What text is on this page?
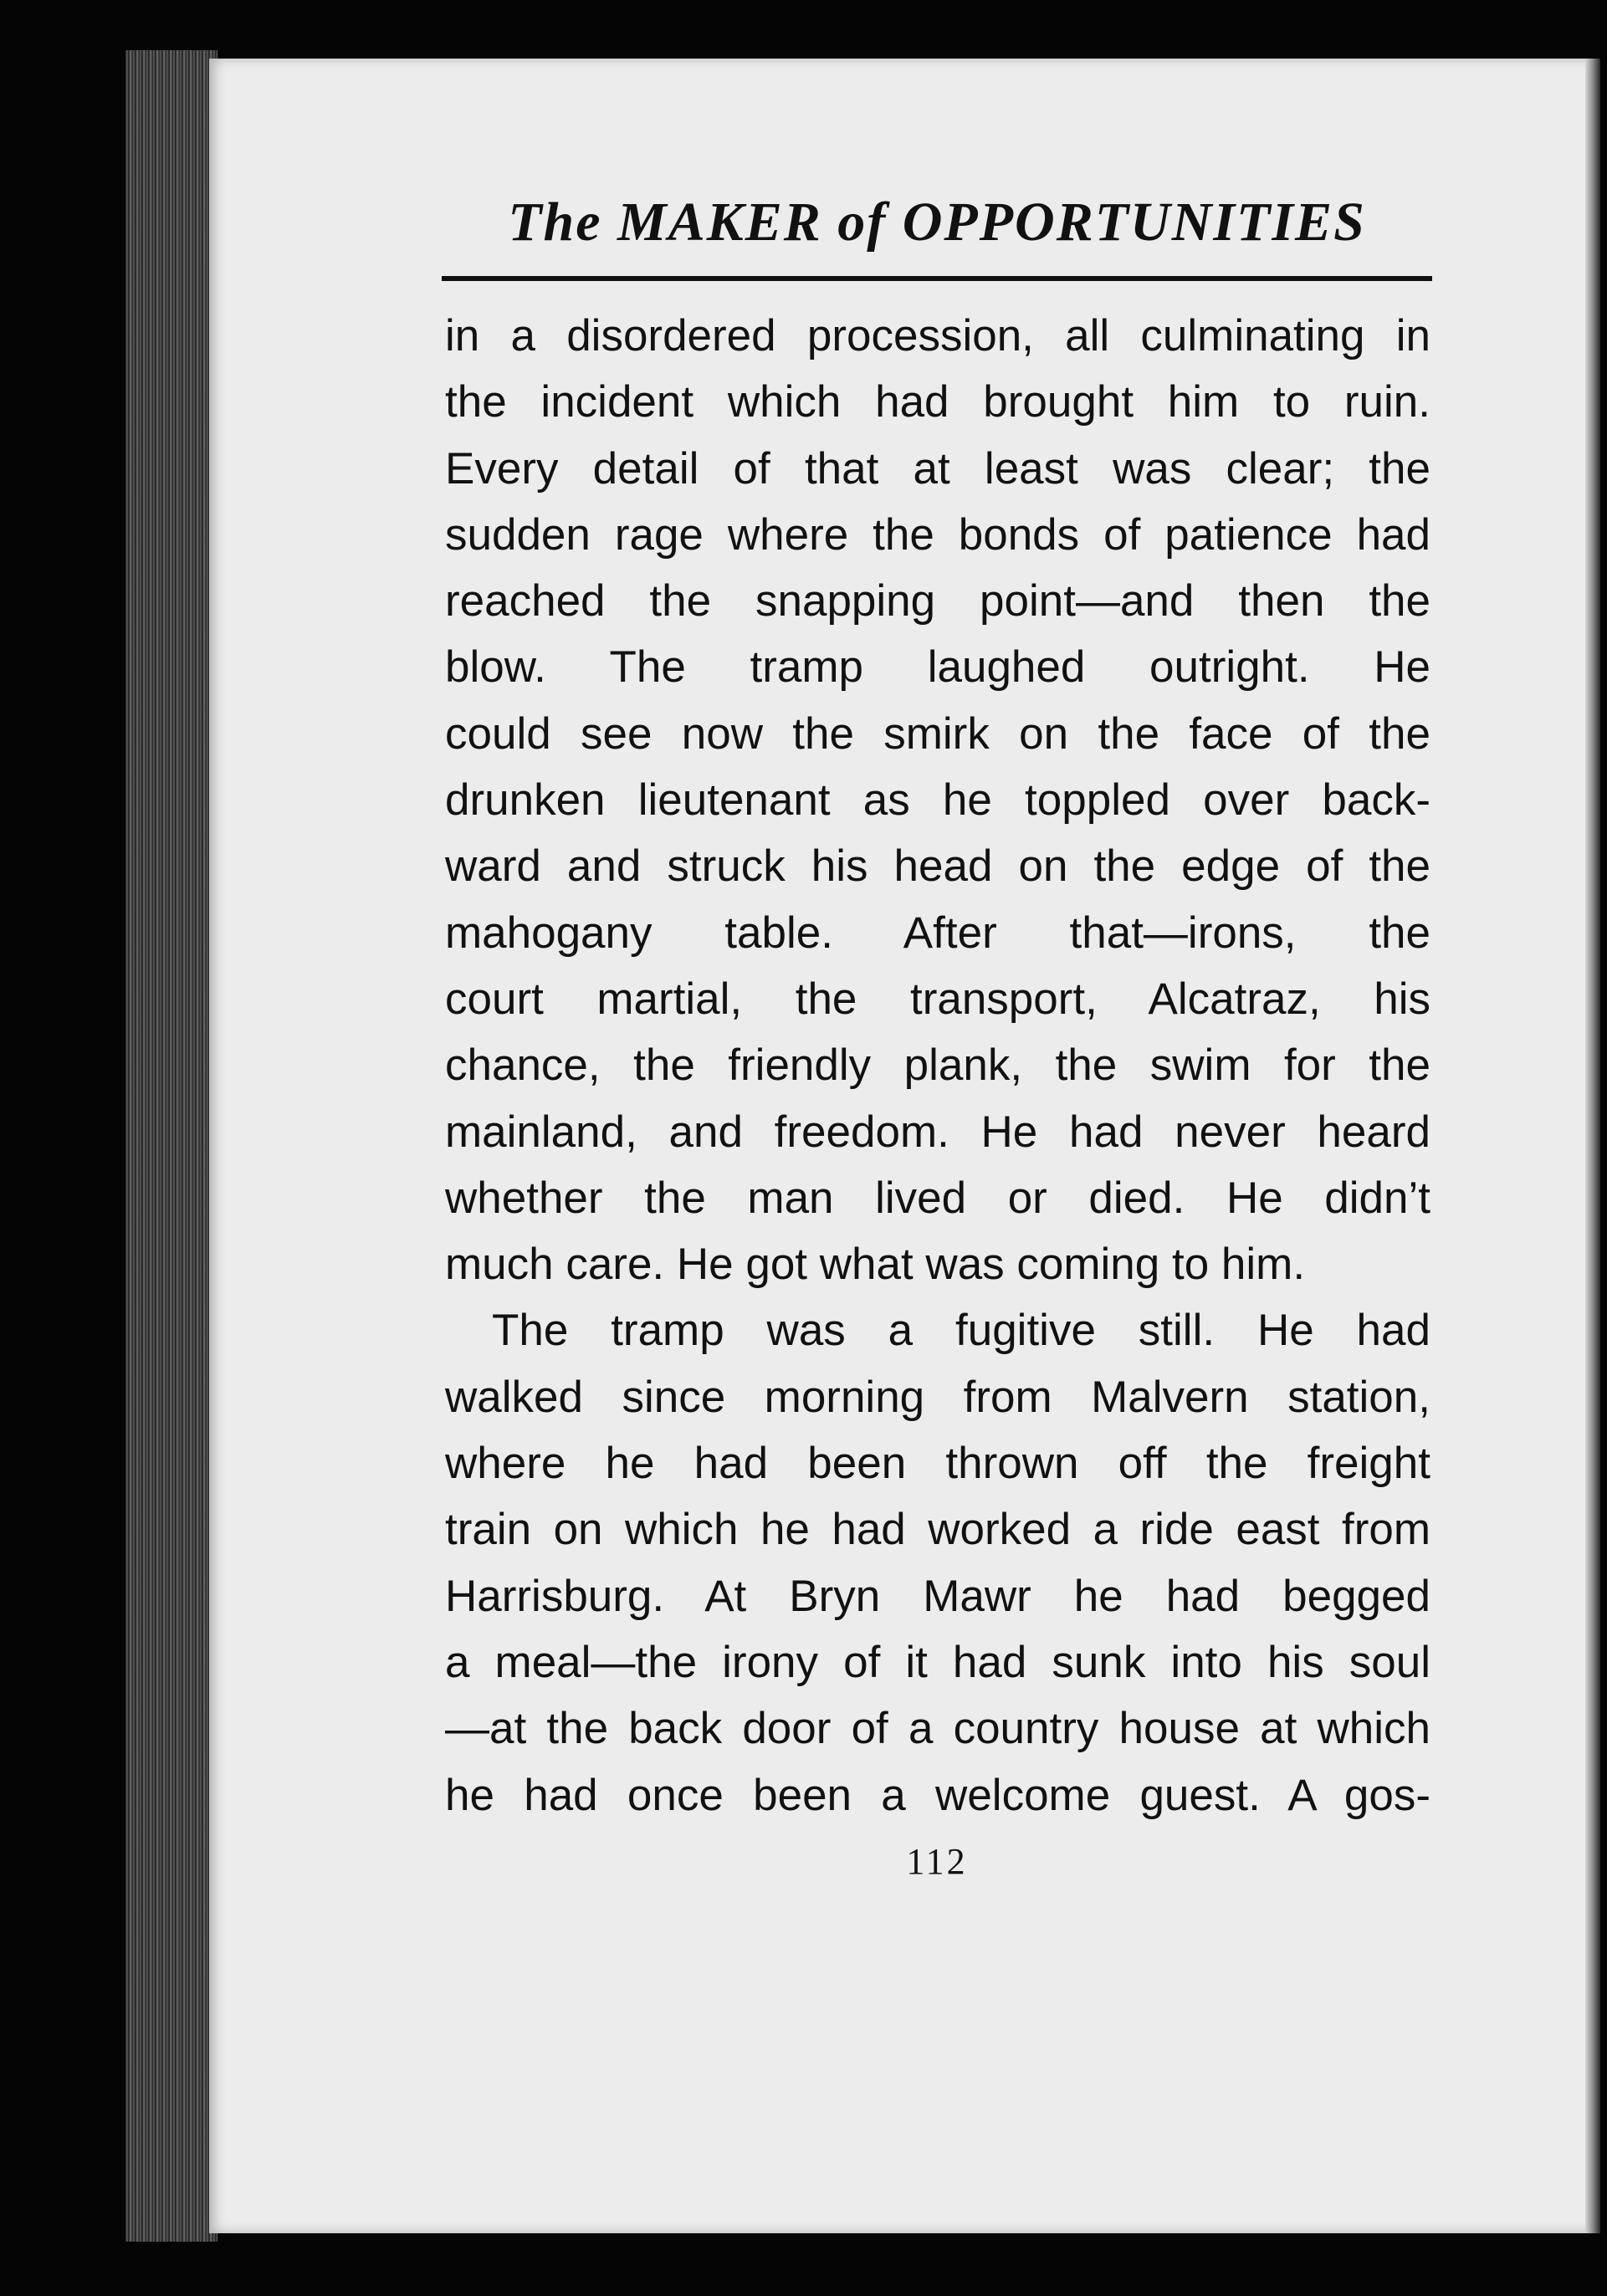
The MAKER of OPPORTUNITIES
in a disordered procession, all culminating in
the incident which had brought him to ruin.
Every detail of that at least was clear; the
sudden rage where the bonds of patience had
reached the snapping point—and then the
blow. The tramp laughed outright. He
could see now the smirk on the face of the
drunken lieutenant as he toppled over back-
ward and struck his head on the edge of the
mahogany table. After that—irons, the
court martial, the transport, Alcatraz, his
chance, the friendly plank, the swim for the
mainland, and freedom. He had never heard
whether the man lived or died. He didn’t
much care. He got what was coming to him.
The tramp was a fugitive still. He had
walked since morning from Malvern station,
where he had been thrown off the freight
train on which he had worked a ride east from
Harrisburg. At Bryn Mawr he had begged
a meal—the irony of it had sunk into his soul
—at the back door of a country house at which
he had once been a welcome guest. A gos-
112
